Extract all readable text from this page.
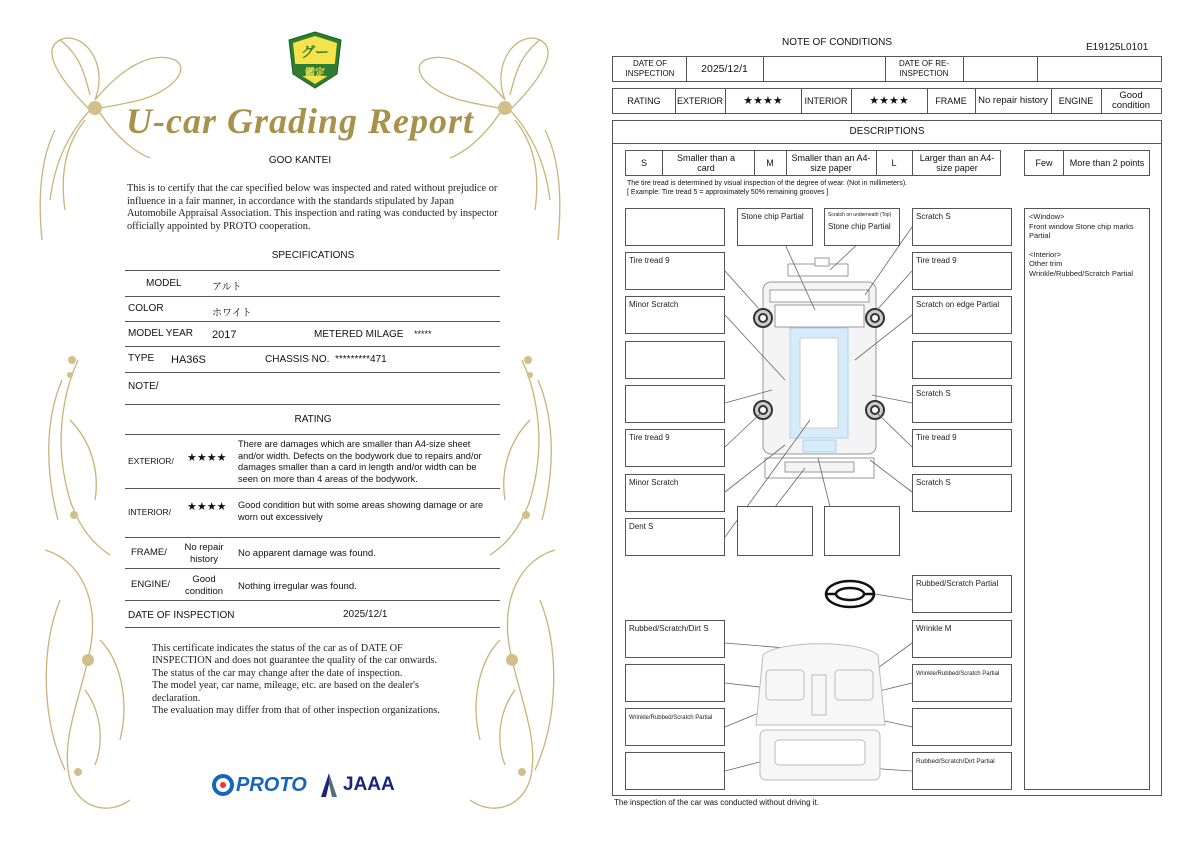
グー
鑑定
U-car Grading Report
GOO KANTEI
This is to certify that the car specified below was inspected and rated without prejudice or influence in a fair manner, in accordance with the standards stipulated by Japan Automobile Appraisal Association. This inspection and rating was conducted by inspector officially appointed by PROTO cooperation.
SPECIFICATIONS
MODEL	アルト
COLOR	ホワイト
MODEL YEAR 2017	METERED MILAGE *****
TYPE HA36S	CHASSIS NO. *********471
NOTE/
RATING
EXTERIOR/ ★★★★
There are damages which are smaller than A4-size sheet and/or width. Defects on the bodywork due to repairs and/or damages smaller than a card in length and/or width can be seen on more than 4 areas of the bodywork.
INTERIOR/ ★★★★ Good condition but with some areas showing damage or are worn out excessively
FRAME/	No repair history	No apparent damage was found.
ENGINE/	Good condition	Nothing irregular was found.
DATE OF INSPECTION	2025/12/1
This certificate indicates the status of the car as of DATE OF
INSPECTION and does not guarantee the quality of the car onwards.
The status of the car may change after the date of inspection.
The model year, car name, mileage, etc. are based on the dealer's
declaration.
The evaluation may differ from that of other inspection organizations.
PROTO JAAA
NOTE OF CONDITIONS	E19125L0101
DATE OF INSPECTION	2025/12/1	DATE OF RE-INSPECTION
RATING	EXTERIOR	★★★★	INTERIOR	★★★★	FRAME	No repair history	ENGINE	Good condition
DESCRIPTIONS
S	Smaller than a card	M	Smaller than an A4-size paper	L	Larger than an A4-size paper	Few	More than 2 points
The tire tread is determined by visual inspection of the degree of wear. (Not in millimeters).
[ Example: Tire tread 5 = approximately 50% remaining grooves ]
Stone chip Partial	Scratch on underneath (Top)
Stone chip Partial
Scratch S
Tire tread 9	Tire tread 9
Minor Scratch	Scratch on edge Partial
Scratch S
Tire tread 9	Tire tread 9
Minor Scratch	Scratch S
Dent S
Rubbed/Scratch Partial
Rubbed/Scratch/Dirt S	Wrinkle M
Wrinkle/Rubbed/Scratch Partial
Wrinkle/Rubbed/Scratch Partial
Rubbed/Scratch/Dirt Partial
<Window>
Front window Stone chip marks Partial
<Interior>
Other trim
Wrinkle/Rubbed/Scratch Partial
The inspection of the car was conducted without driving it.
